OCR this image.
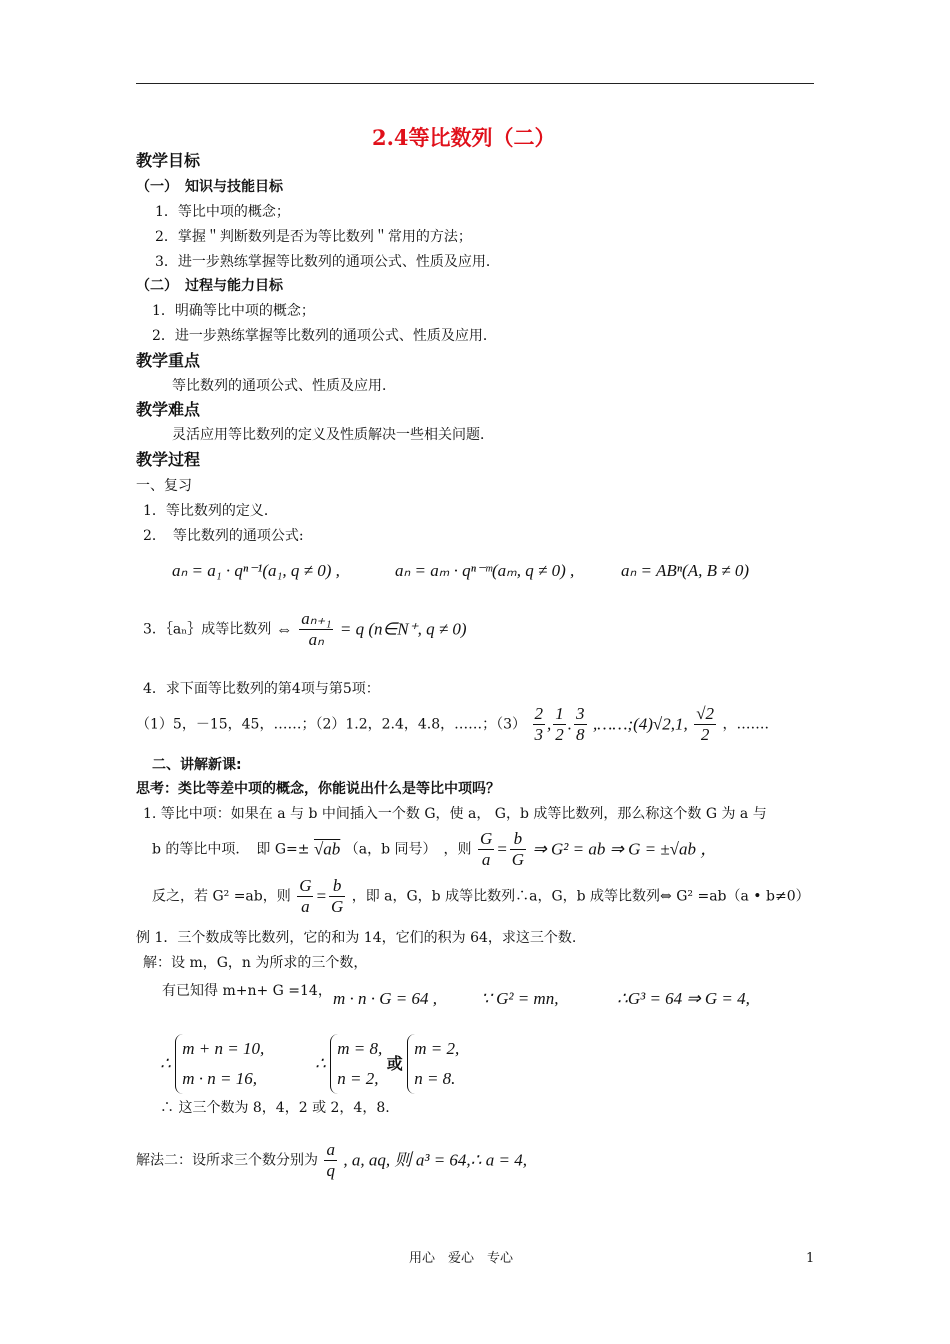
2.4等比数列（二）
教学目标
（一）　知识与技能目标
1．等比中项的概念；
2．掌握＂判断数列是否为等比数列＂常用的方法；
3．进一步熟练掌握等比数列的通项公式、性质及应用．
（二）　过程与能力目标
1．明确等比中项的概念；
2．进一步熟练掌握等比数列的通项公式、性质及应用．
教学重点
等比数列的通项公式、性质及应用．
教学难点
灵活应用等比数列的定义及性质解决一些相关问题．
教学过程
一、复习
1．等比数列的定义．
2．　等比数列的通项公式:
aₙ = a₁ · qⁿ⁻¹(a₁, q ≠ 0) ,	aₙ = aₘ · qⁿ⁻ᵐ(aₘ, q ≠ 0) ,	aₙ = ABⁿ(A, B ≠ 0)
3．｛aₙ｝成等比数列 ⇔ $\frac{\text{aₙ₊₁}}{\text{aₙ}} = q$ (n∈N⁺, q ≠ 0)
4．求下面等比数列的第4项与第5项：
（1）5，－15，45，……；（2）1.2，2.4，4.8，……；$(3) \frac{2}{3}$ , $\frac{1}{2}$ . $\frac{3}{8}$ ,……;(4)√2,1, $\frac{√2}{2}$ ，…….
二、讲解新课:
思考：类比等差中项的概念，你能说出什么是等比中项吗？
1. 等比中项：如果在 a 与 b 中间插入一个数 G，使 a， G，b 成等比数列，那么称这个数 G 为 a 与
b 的等比中项．　即 G=± √ab （a，b 同号）　，则 $\frac{G}{a} = \frac{b}{G}$ ⇒ G² = ab ⇒ G = ±√ab ，
反之，若 G² =ab，则 $\frac{G}{a} = \frac{b}{G}$ ，即 a，G，b 成等比数列∴a，G，b 成等比数列⇔ G² =ab（a • b≠0）
例 1．三个数成等比数列，它的和为 14，它们的积为 64，求这三个数.
解：设 m，G，n 为所求的三个数，
有已知得 m+n+ G =14， m · n · G = 64 ,	∵ G² = mn,	∴G³ = 64 ⇒ G = 4,
∴
m + n = 10,
m · n = 16,
∴
m = 8,
n = 2,
或
m = 2,
n = 8.
∴ 这三个数为 8，4，2 或 2，4，8.
解法二：设所求三个数分别为 $\frac{a}{q}$ , a, aq, 则 a³ = 64,∴ a = 4,
用心　爱心　专心	1
